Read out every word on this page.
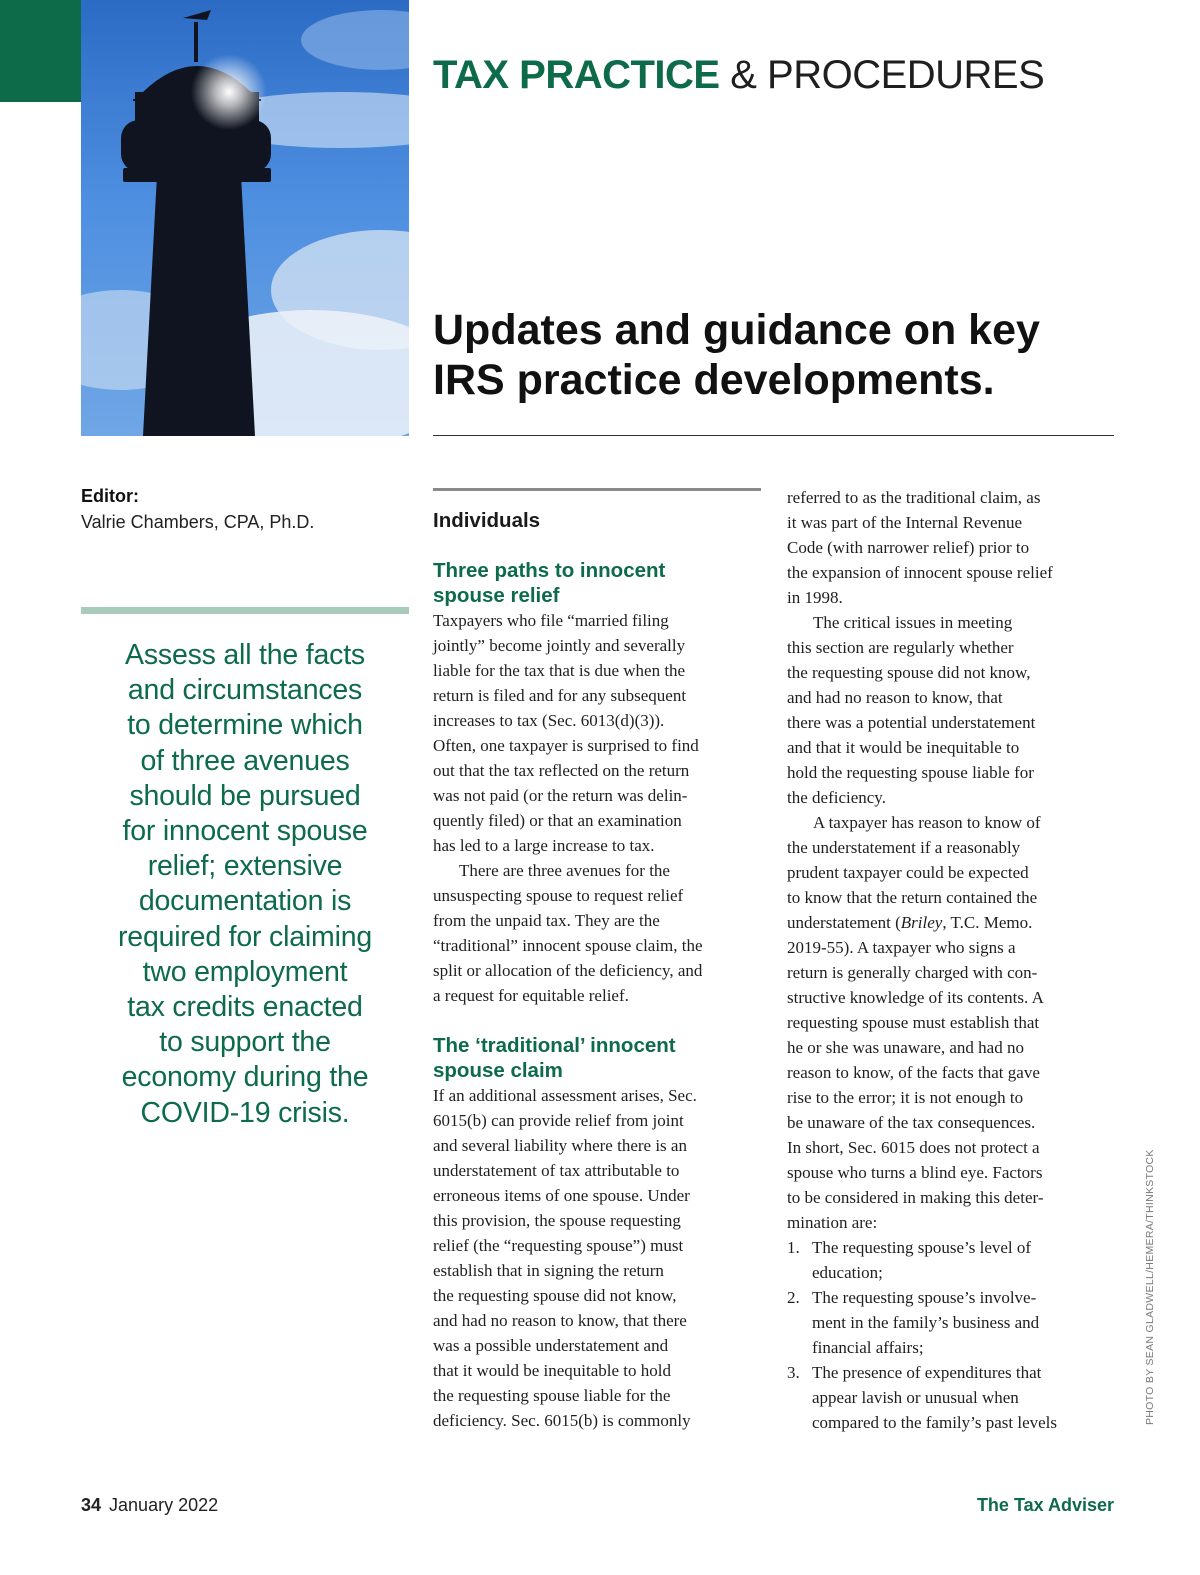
TAX PRACTICE & PROCEDURES
Updates and guidance on key
IRS practice developments.
Editor:
Valrie Chambers, CPA, Ph.D.
Assess all the facts
and circumstances
to determine which
of three avenues
should be pursued
for innocent spouse
relief; extensive
documentation is
required for claiming
two employment
tax credits enacted
to support the
economy during the
COVID-19 crisis.
Individuals
Three paths to innocent
spouse relief
Taxpayers who file “married filing
jointly” become jointly and severally
liable for the tax that is due when the
return is filed and for any subsequent
increases to tax (Sec. 6013(d)(3)).
Often, one taxpayer is surprised to find
out that the tax reflected on the return
was not paid (or the return was delin-
quently filed) or that an examination
has led to a large increase to tax.
There are three avenues for the
unsuspecting spouse to request relief
from the unpaid tax. They are the
“traditional” innocent spouse claim, the
split or allocation of the deficiency, and
a request for equitable relief.
The ‘traditional’ innocent
spouse claim
If an additional assessment arises, Sec.
6015(b) can provide relief from joint
and several liability where there is an
understatement of tax attributable to
erroneous items of one spouse. Under
this provision, the spouse requesting
relief (the “requesting spouse”) must
establish that in signing the return
the requesting spouse did not know,
and had no reason to know, that there
was a possible understatement and
that it would be inequitable to hold
the requesting spouse liable for the
deficiency. Sec. 6015(b) is commonly
referred to as the traditional claim, as
it was part of the Internal Revenue
Code (with narrower relief) prior to
the expansion of innocent spouse relief
in 1998.
The critical issues in meeting
this section are regularly whether
the requesting spouse did not know,
and had no reason to know, that
there was a potential understatement
and that it would be inequitable to
hold the requesting spouse liable for
the deficiency.
A taxpayer has reason to know of
the understatement if a reasonably
prudent taxpayer could be expected
to know that the return contained the
understatement (Briley, T.C. Memo.
2019-55). A taxpayer who signs a
return is generally charged with con-
structive knowledge of its contents. A
requesting spouse must establish that
he or she was unaware, and had no
reason to know, of the facts that gave
rise to the error; it is not enough to
be unaware of the tax consequences.
In short, Sec. 6015 does not protect a
spouse who turns a blind eye. Factors
to be considered in making this deter-
mination are:
1. The requesting spouse’s level of
education;
2. The requesting spouse’s involve-
ment in the family’s business and
financial affairs;
3. The presence of expenditures that
appear lavish or unusual when
compared to the family’s past levels	PHOTO BY SEAN GLADWELL/HEMERA/THINKSTOCK
34 January 2022	The Tax Adviser
